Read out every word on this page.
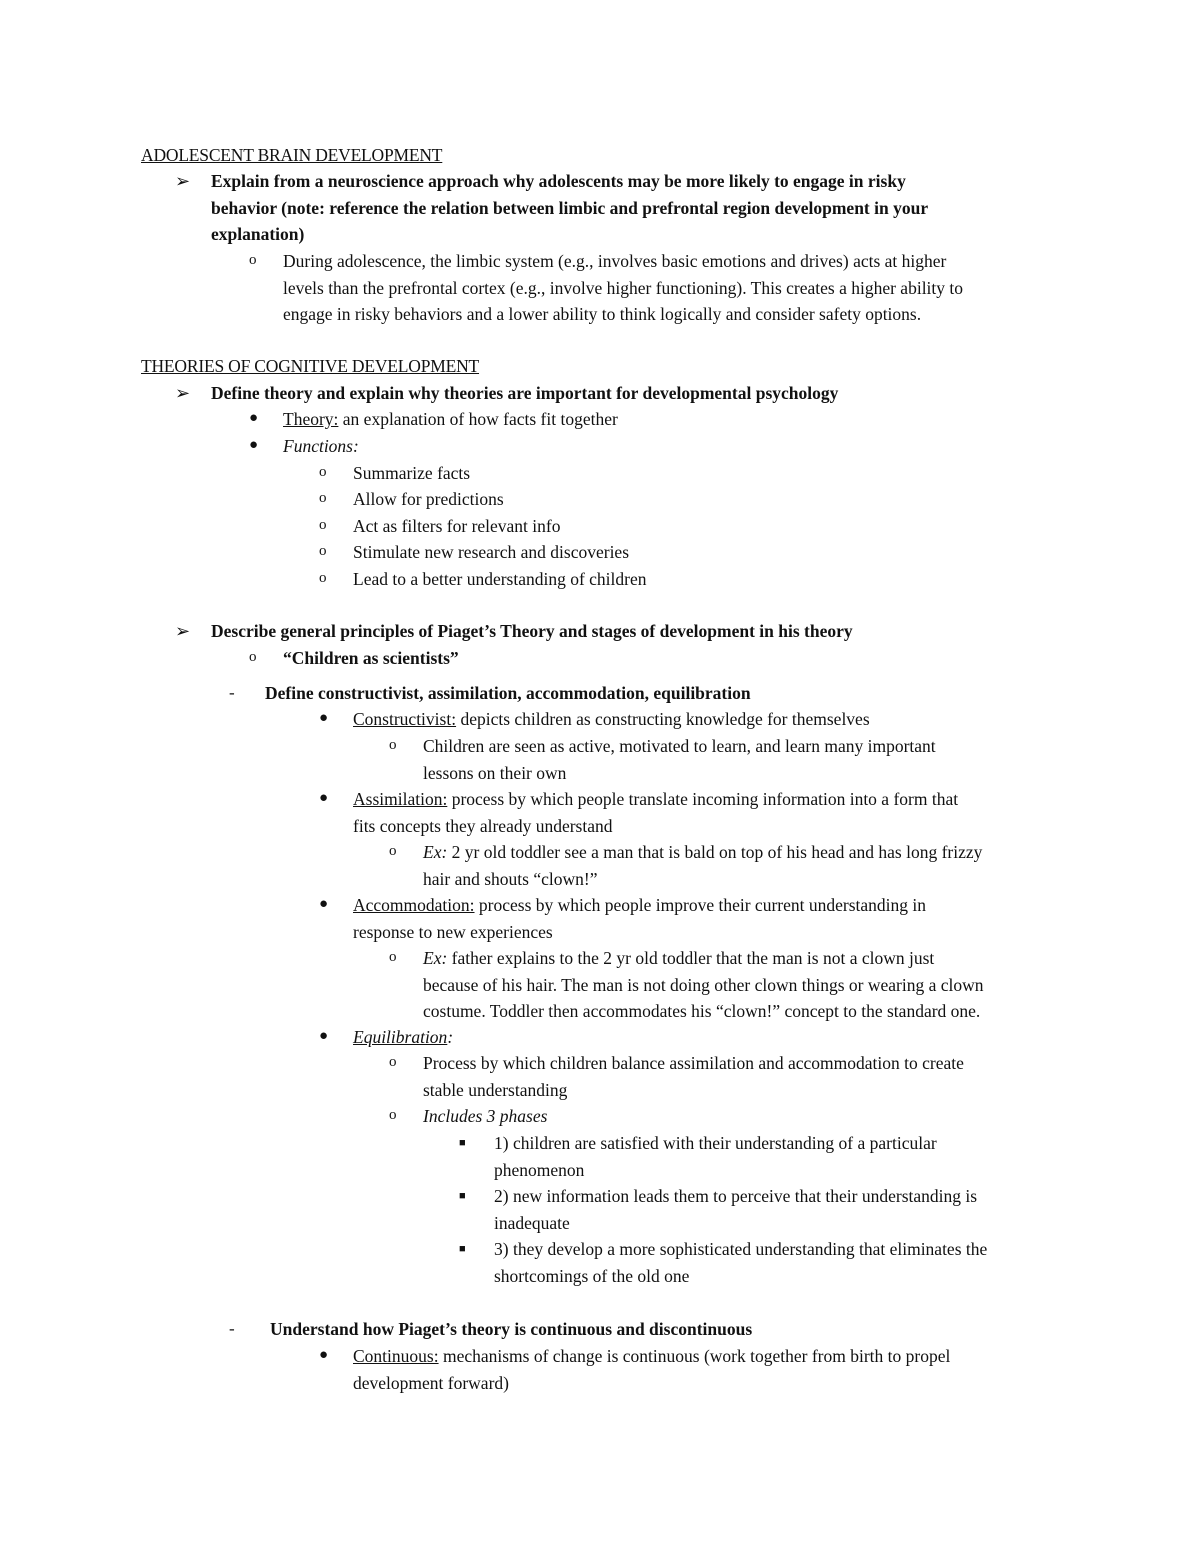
ADOLESCENT BRAIN DEVELOPMENT
➢ Explain from a neuroscience approach why adolescents may be more likely to engage in risky
behavior (note: reference the relation between limbic and prefrontal region development in your
explanation)
o During adolescence, the limbic system (e.g., involves basic emotions and drives) acts at higher
levels than the prefrontal cortex (e.g., involve higher functioning). This creates a higher ability to
engage in risky behaviors and a lower ability to think logically and consider safety options.
THEORIES OF COGNITIVE DEVELOPMENT
➢ Define theory and explain why theories are important for developmental psychology
● Theory: an explanation of how facts fit together
● Functions:
o Summarize facts
o Allow for predictions
o Act as filters for relevant info
o Stimulate new research and discoveries
o Lead to a better understanding of children
➢ Describe general principles of Piaget’s Theory and stages of development in his theory
o “Children as scientists”
- Define constructivist, assimilation, accommodation, equilibration
● Constructivist: depicts children as constructing knowledge for themselves
o Children are seen as active, motivated to learn, and learn many important
lessons on their own
● Assimilation: process by which people translate incoming information into a form that
fits concepts they already understand
o Ex: 2 yr old toddler see a man that is bald on top of his head and has long frizzy
hair and shouts “clown!”
● Accommodation: process by which people improve their current understanding in
response to new experiences
o Ex: father explains to the 2 yr old toddler that the man is not a clown just
because of his hair. The man is not doing other clown things or wearing a clown
costume. Toddler then accommodates his “clown!” concept to the standard one.
● Equilibration:
o Process by which children balance assimilation and accommodation to create
stable understanding
o Includes 3 phases
■ 1) children are satisfied with their understanding of a particular
phenomenon
■ 2) new information leads them to perceive that their understanding is
inadequate
■ 3) they develop a more sophisticated understanding that eliminates the
shortcomings of the old one
- Understand how Piaget’s theory is continuous and discontinuous
● Continuous: mechanisms of change is continuous (work together from birth to propel
development forward)
